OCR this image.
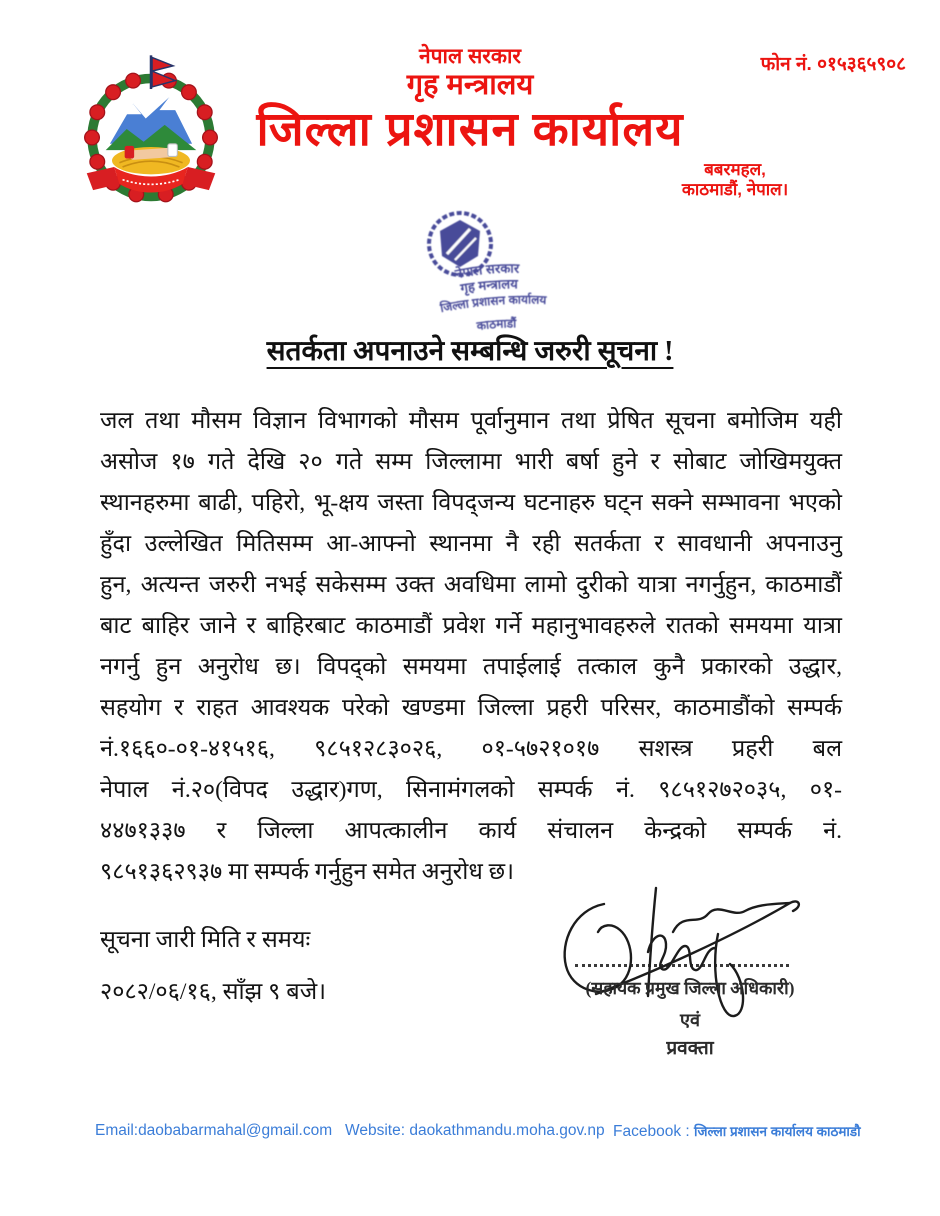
नेपाल सरकार
गृह मन्त्रालय
जिल्ला प्रशासन कार्यालय
फोन नं. ०१५३६५९०८
बबरमहल,
काठमाडौं, नेपाल।
नेपाल सरकार
गृह मन्त्रालय
जिल्ला प्रशासन कार्यालय
काठमाडौं
सतर्कता अपनाउने सम्बन्धि जरुरी सूचना !
जल तथा मौसम विज्ञान विभागको मौसम पूर्वानुमान तथा प्रेषित सूचना बमोजिम यही
असोज १७ गते देखि २० गते सम्म जिल्लामा भारी बर्षा हुने र सोबाट जोखिमयुक्त
स्थानहरुमा बाढी, पहिरो, भू-क्षय जस्ता विपद्जन्य घटनाहरु घट्न सक्ने सम्भावना भएको
हुँदा उल्लेखित मितिसम्म आ-आफ्नो स्थानमा नै रही सतर्कता र सावधानी अपनाउनु
हुन, अत्यन्त जरुरी नभई सकेसम्म उक्त अवधिमा लामो दुरीको यात्रा नगर्नुहुन, काठमाडौं
बाट बाहिर जाने र बाहिरबाट काठमाडौं प्रवेश गर्ने महानुभावहरुले रातको समयमा यात्रा
नगर्नु हुन अनुरोध छ। विपद्को समयमा तपाईलाई तत्काल कुनै प्रकारको उद्धार,
सहयोग र राहत आवश्यक परेको खण्डमा जिल्ला प्रहरी परिसर, काठमाडौंको सम्पर्क
नं.१६६०-०१-४१५१६, ९८५१२८३०२६, ०१-५७२१०१७ सशस्त्र प्रहरी बल
नेपाल नं.२०(विपद उद्धार)गण, सिनामंगलको सम्पर्क नं. ९८५१२७२०३५, ०१-
४४७१३३७ र जिल्ला आपत्कालीन कार्य संचालन केन्द्रको सम्पर्क नं.
९८५१३६२९३७ मा सम्पर्क गर्नुहुन समेत अनुरोध छ।
सूचना जारी मिति र समयः
२०८२/०६/१६, साँझ ९ बजे।	(सहायक प्रमुख जिल्ला अधिकारी)
एवं
प्रवक्ता
Email:daobabarmahal@gmail.com Website: daokathmandu.moha.gov.np Facebook : जिल्ला प्रशासन कार्यालय काठमाडौ
